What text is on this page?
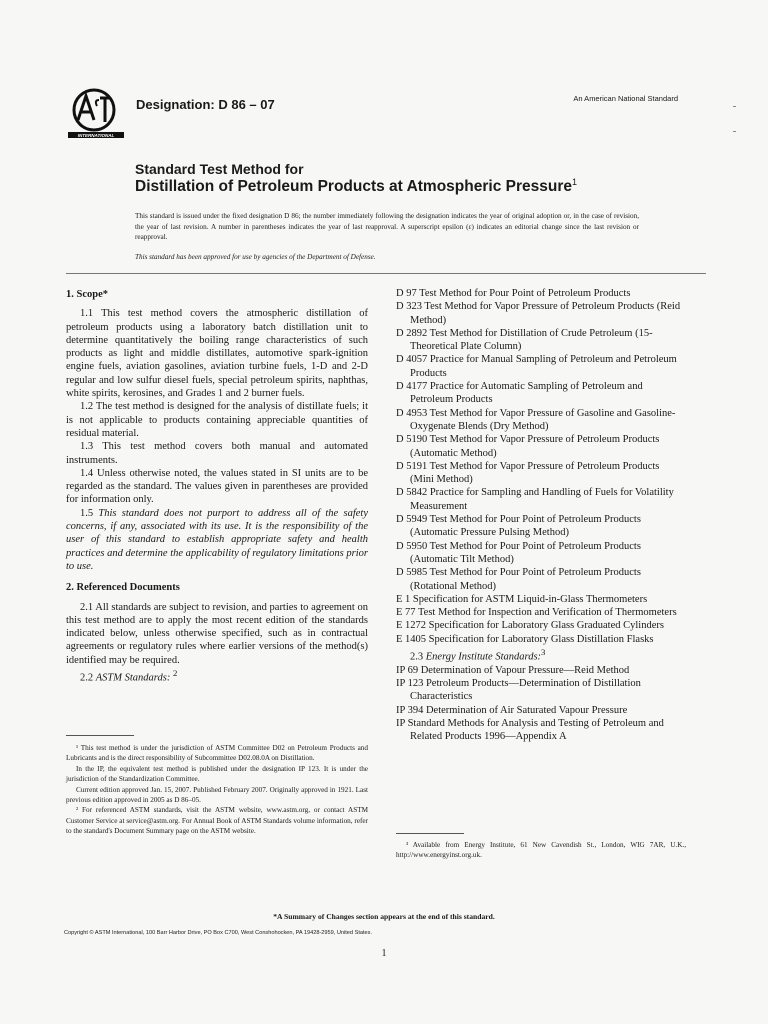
INTERNATIONAL
Designation: D 86 – 07	An American National Standard
Standard Test Method for
Distillation of Petroleum Products at Atmospheric Pressure$^1$
This standard is issued under the fixed designation D 86; the number immediately following the designation indicates the year of original adoption or, in the case of revision, the year of last revision. A number in parentheses indicates the year of last reapproval. A superscript epsilon (ε) indicates an editorial change since the last revision or reapproval.
This standard has been approved for use by agencies of the Department of Defense.
1. Scope*

1.1 This test method covers the atmospheric distillation of petroleum products using a laboratory batch distillation unit to determine quantitatively the boiling range characteristics of such products as light and middle distillates, automotive spark-ignition engine fuels, aviation gasolines, aviation turbine fuels, 1-D and 2-D regular and low sulfur diesel fuels, special petroleum spirits, naphthas, white spirits, kerosines, and Grades 1 and 2 burner fuels.

1.2 The test method is designed for the analysis of distillate fuels; it is not applicable to products containing appreciable quantities of residual material.

1.3 This test method covers both manual and automated instruments.

1.4 Unless otherwise noted, the values stated in SI units are to be regarded as the standard. The values given in parentheses are provided for information only.

1.5 This standard does not purport to address all of the safety concerns, if any, associated with its use. It is the responsibility of the user of this standard to establish appropriate safety and health practices and determine the applicability of regulatory limitations prior to use.

2. Referenced Documents

2.1 All standards are subject to revision, and parties to agreement on this test method are to apply the most recent edition of the standards indicated below, unless otherwise specified, such as in contractual agreements or regulatory rules where earlier versions of the method(s) identified may be required.

2.2 ASTM Standards: $^2$

D 97 Test Method for Pour Point of Petroleum Products

D 323 Test Method for Vapor Pressure of Petroleum Products (Reid Method)

D 2892 Test Method for Distillation of Crude Petroleum (15-Theoretical Plate Column)

D 4057 Practice for Manual Sampling of Petroleum and Petroleum Products

D 4177 Practice for Automatic Sampling of Petroleum and Petroleum Products

D 4953 Test Method for Vapor Pressure of Gasoline and Gasoline-Oxygenate Blends (Dry Method)

D 5190 Test Method for Vapor Pressure of Petroleum Products (Automatic Method)

D 5191 Test Method for Vapor Pressure of Petroleum Products (Mini Method)

D 5842 Practice for Sampling and Handling of Fuels for Volatility Measurement

D 5949 Test Method for Pour Point of Petroleum Products (Automatic Pressure Pulsing Method)

D 5950 Test Method for Pour Point of Petroleum Products (Automatic Tilt Method)

D 5985 Test Method for Pour Point of Petroleum Products (Rotational Method)

E 1 Specification for ASTM Liquid-in-Glass Thermometers

E 77 Test Method for Inspection and Verification of Thermometers

E 1272 Specification for Laboratory Glass Graduated Cylinders

E 1405 Specification for Laboratory Glass Distillation Flasks

2.3 Energy Institute Standards:$^3$

IP 69 Determination of Vapour Pressure—Reid Method

IP 123 Petroleum Products—Determination of Distillation Characteristics

IP 394 Determination of Air Saturated Vapour Pressure

IP Standard Methods for Analysis and Testing of Petroleum and Related Products 1996—Appendix A

¹ This test method is under the jurisdiction of ASTM Committee D02 on Petroleum Products and Lubricants and is the direct responsibility of Subcommittee D02.08.0A on Distillation.

In the IP, the equivalent test method is published under the designation IP 123. It is under the jurisdiction of the Standardization Committee.

Current edition approved Jan. 15, 2007. Published February 2007. Originally approved in 1921. Last previous edition approved in 2005 as D 86–05.

² For referenced ASTM standards, visit the ASTM website, www.astm.org, or contact ASTM Customer Service at service@astm.org. For Annual Book of ASTM Standards volume information, refer to the standard's Document Summary page on the ASTM website.

³ Available from Energy Institute, 61 New Cavendish St., London, WIG 7AR, U.K., http://www.energyinst.org.uk.

*A Summary of Changes section appears at the end of this standard.
Copyright © ASTM International, 100 Barr Harbor Drive, PO Box C700, West Conshohocken, PA 19428-2959, United States.
1
